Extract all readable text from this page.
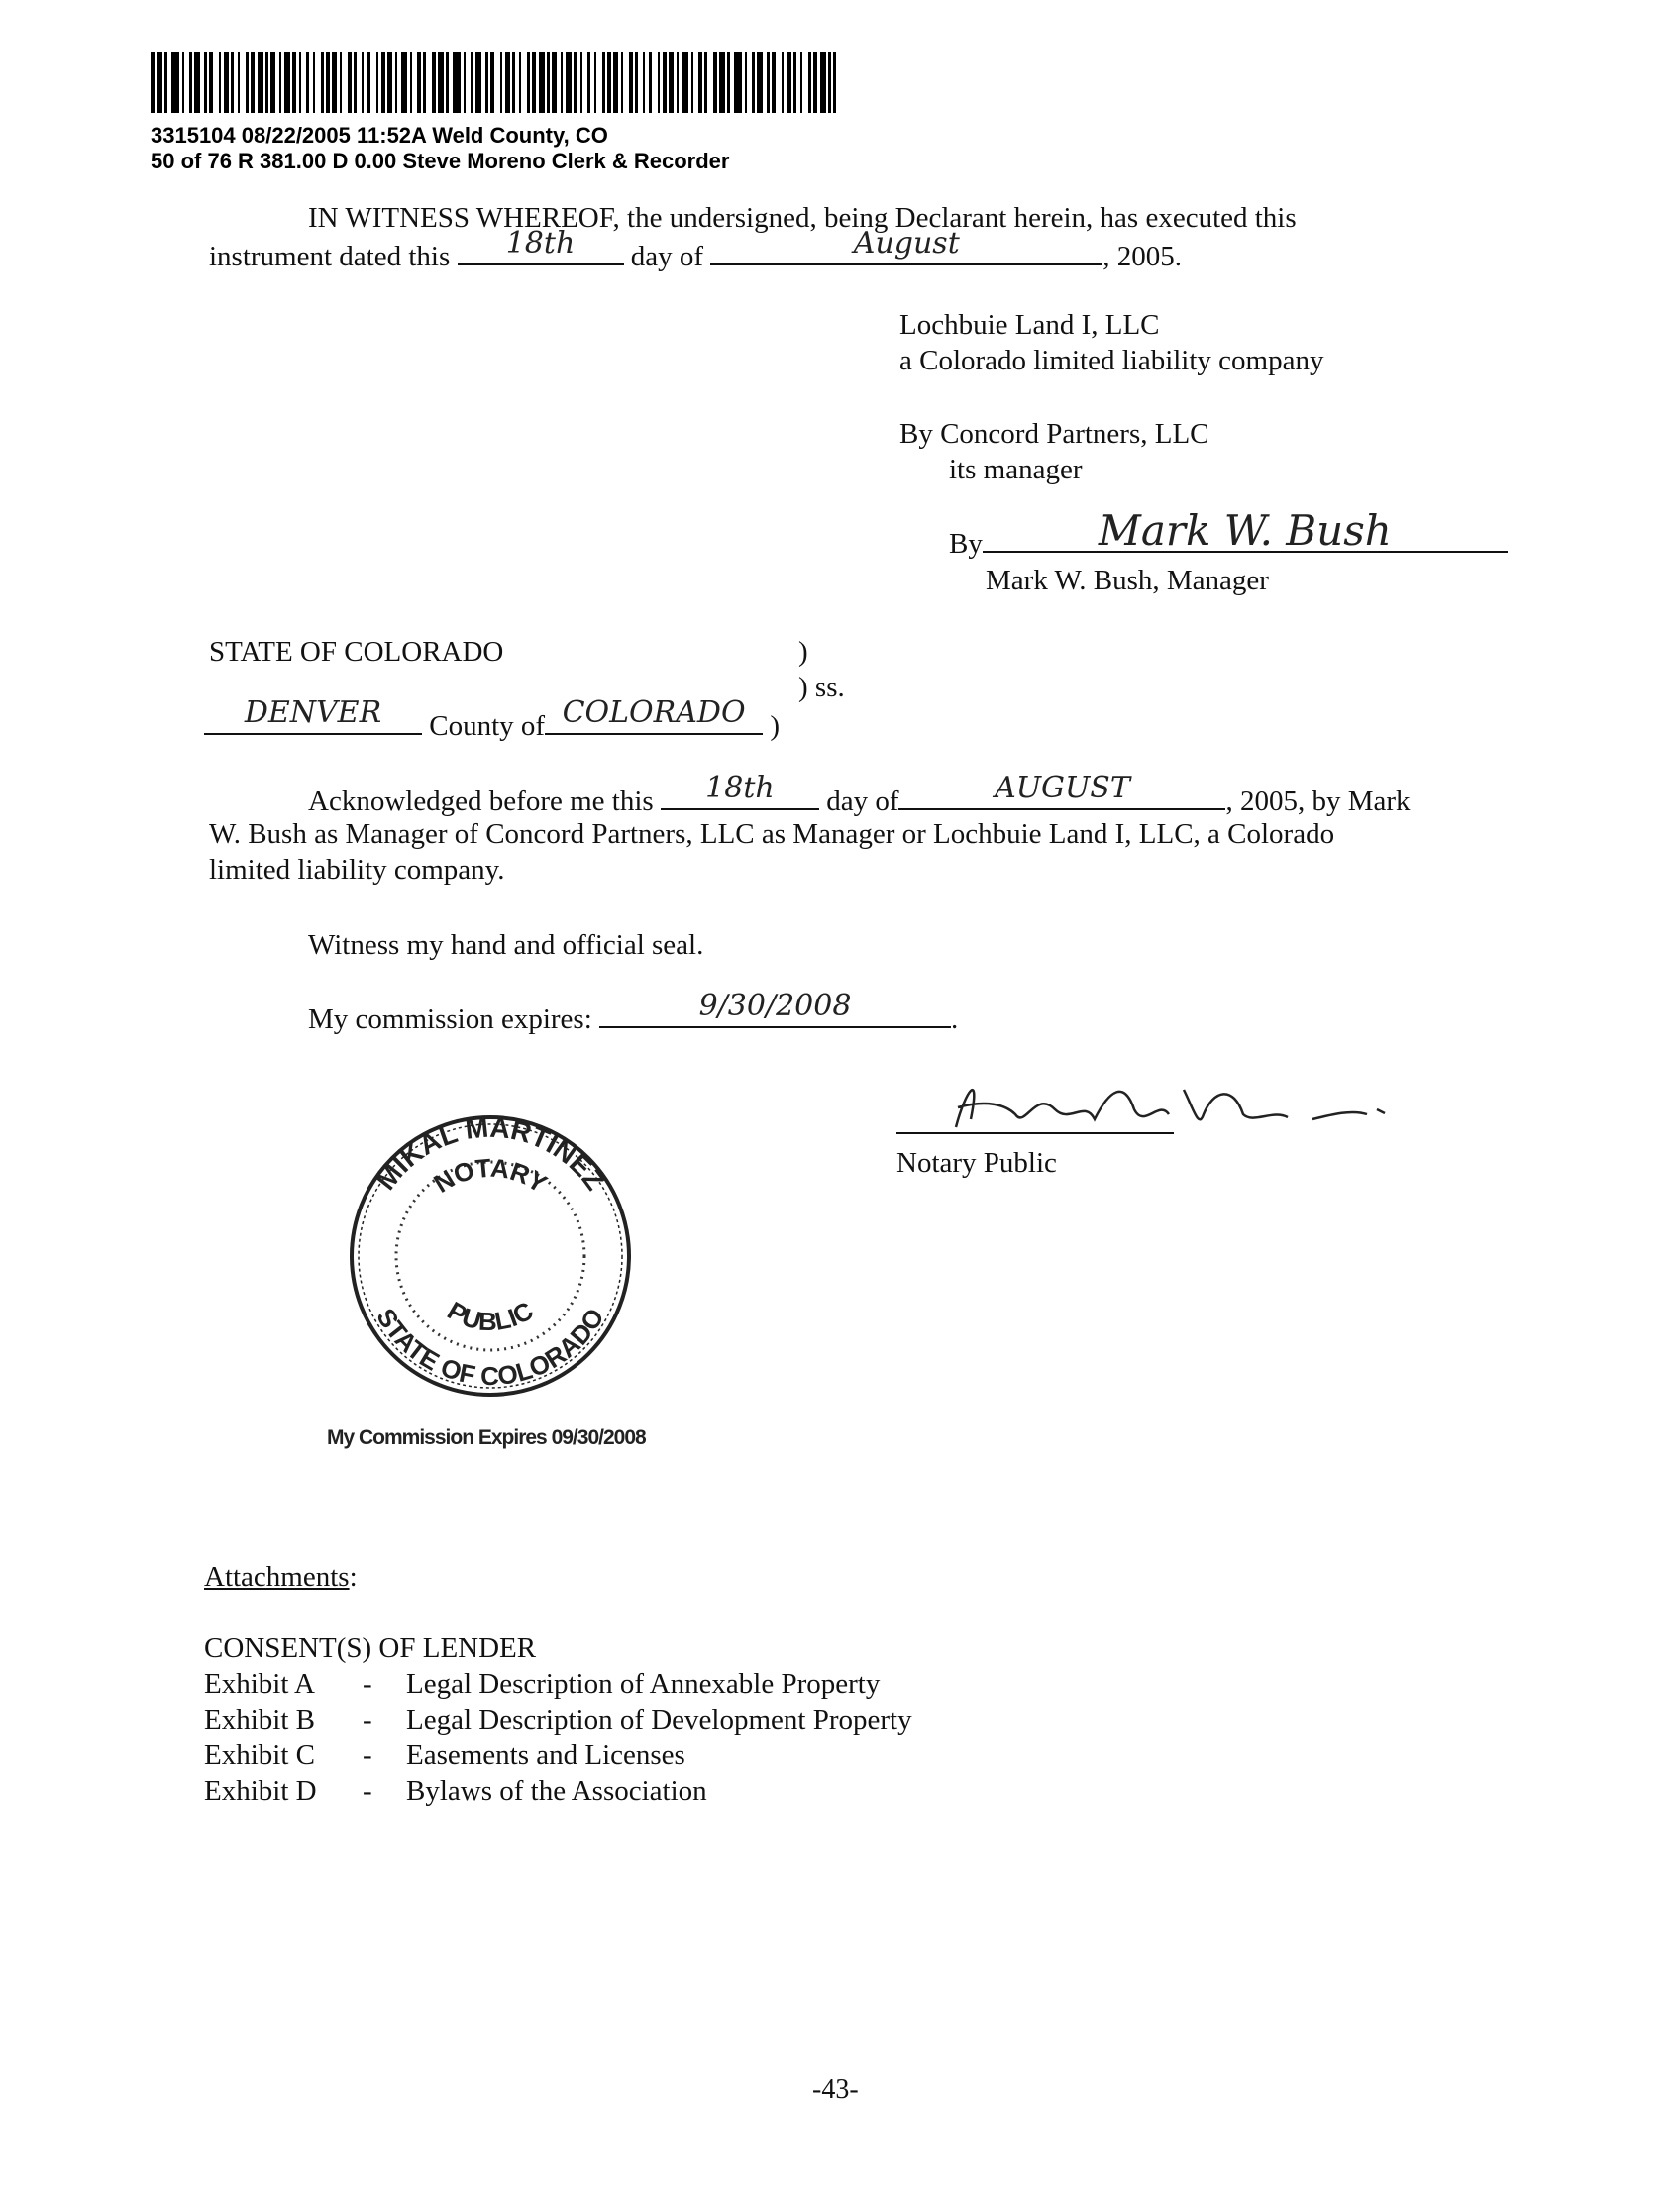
3315104 08/22/2005 11:52A Weld County, CO
50 of 76 R 381.00 D 0.00 Steve Moreno Clerk & Recorder
IN WITNESS WHEREOF, the undersigned, being Declarant herein, has executed this
instrument dated this	18th	day of	August	, 2005.
Lochbuie Land I, LLC
a Colorado limited liability company
By Concord Partners, LLC
its manager
By	Mark W. Bush
Mark W. Bush, Manager
STATE OF COLORADO	)
) ss.
DENVER	County of COLORADO )
Acknowledged before me this	18th	day of	AUGUST	, 2005, by Mark
W. Bush as Manager of Concord Partners, LLC as Manager or Lochbuie Land I, LLC, a Colorado
limited liability company.
Witness my hand and official seal.
My commission expires:	9/30/2008	.
Notary Public
MIKAL MARTINEZ
NOTARY
PUBLIC
STATE OF COLORADO
My Commission Expires 09/30/2008
Attachments:
CONSENT(S) OF LENDER
Exhibit A - Legal Description of Annexable Property
Exhibit B - Legal Description of Development Property
Exhibit C - Easements and Licenses
Exhibit D - Bylaws of the Association
-43-
